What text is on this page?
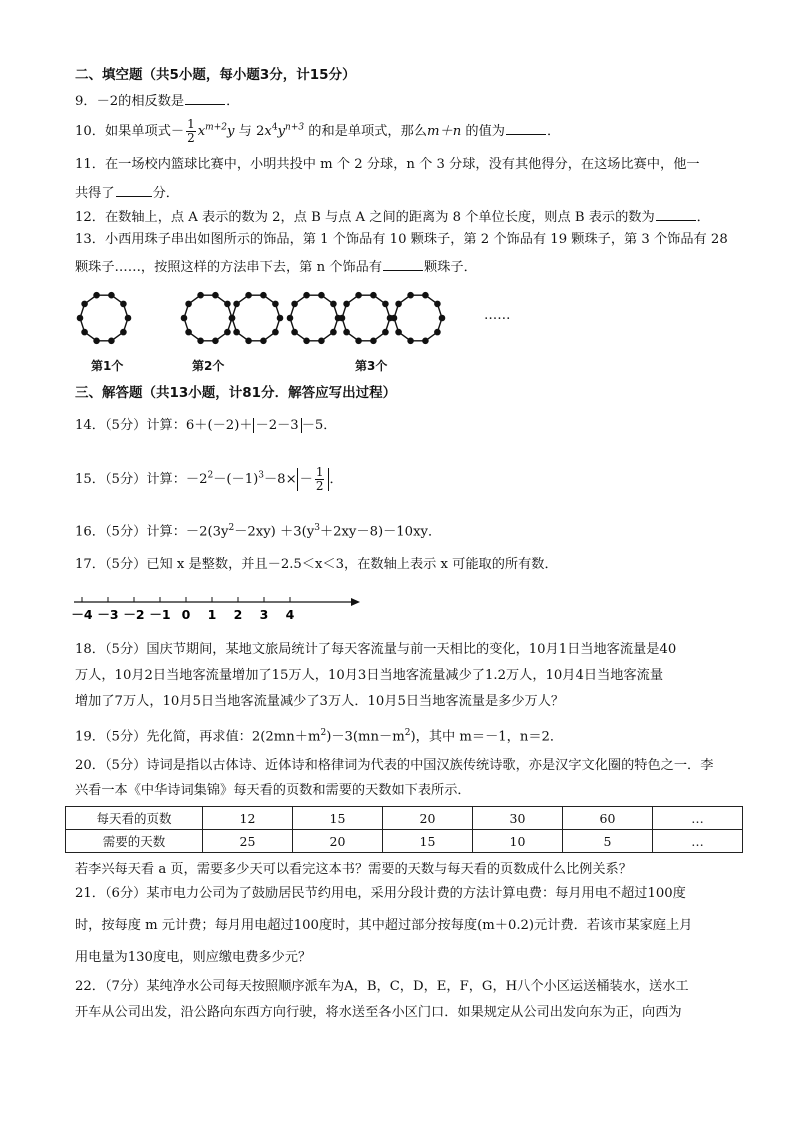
二、填空题（共5小题，每小题3分，计15分）
9．－2的相反数是	．
10．如果单项式－ $\frac{1}{2} x^{m+2}y$ 与 $2x^4y^{n+3}$ 的和是单项式，那么m＋n 的值为	．
11．在一场校内篮球比赛中，小明共投中 m 个 2 分球，n 个 3 分球，没有其他得分，在这场比赛中，他一
共得了	分．
12．在数轴上，点 A 表示的数为 2，点 B 与点 A 之间的距离为 8 个单位长度，则点 B 表示的数为	．
13．小西用珠子串出如图所示的饰品，第 1 个饰品有 10 颗珠子，第 2 个饰品有 19 颗珠子，第 3 个饰品有 28
颗珠子……，按照这样的方法串下去，第 n 个饰品有	颗珠子．
第1个	第2个	第3个
……
三、解答题（共13小题，计81分．解答应写出过程）
14．（5分）计算：6＋(－2)＋ －2－3 －5．
15．（5分）计算：$-2^2-(-1)^3-8\times - \frac{1}{2}$ ．
16．（5分）计算：$-2(3y^2-2xy) +3(y^3+2xy-8)-10xy$．
17．（5分）已知 x 是整数，并且－2.5＜x＜3，在数轴上表示 x 可能取的所有数．
－4 －3 －2 －1 0 1 2 3 4
18．（5分）国庆节期间，某地文旅局统计了每天客流量与前一天相比的变化，10月1日当地客流量是40
万人，10月2日当地客流量增加了15万人，10月3日当地客流量减少了1.2万人，10月4日当地客流量
增加了7万人，10月5日当地客流量减少了3万人．10月5日当地客流量是多少万人？
19．（5分）先化简，再求值：$2(2mn+m^2)-3(mn-m^2)$，其中 m＝－1，n＝2．
20．（5分）诗词是指以古体诗、近体诗和格律词为代表的中国汉族传统诗歌，亦是汉字文化圈的特色之一．李
兴看一本《中华诗词集锦》每天看的页数和需要的天数如下表所示．
每天看的页数	12	15	20	30	60	…
需要的天数	25	20	15	10	5	…
若李兴每天看 a 页，需要多少天可以看完这本书？需要的天数与每天看的页数成什么比例关系？
21．（6分）某市电力公司为了鼓励居民节约用电，采用分段计费的方法计算电费：每月用电不超过100度
时，按每度 m 元计费；每月用电超过100度时，其中超过部分按每度(m＋0.2)元计费．若该市某家庭上月
用电量为130度电，则应缴电费多少元？
22．（7分）某纯净水公司每天按照顺序派车为A，B，C，D，E，F，G，H八个小区运送桶装水，送水工
开车从公司出发，沿公路向东西方向行驶，将水送至各小区门口．如果规定从公司出发向东为正，向西为
